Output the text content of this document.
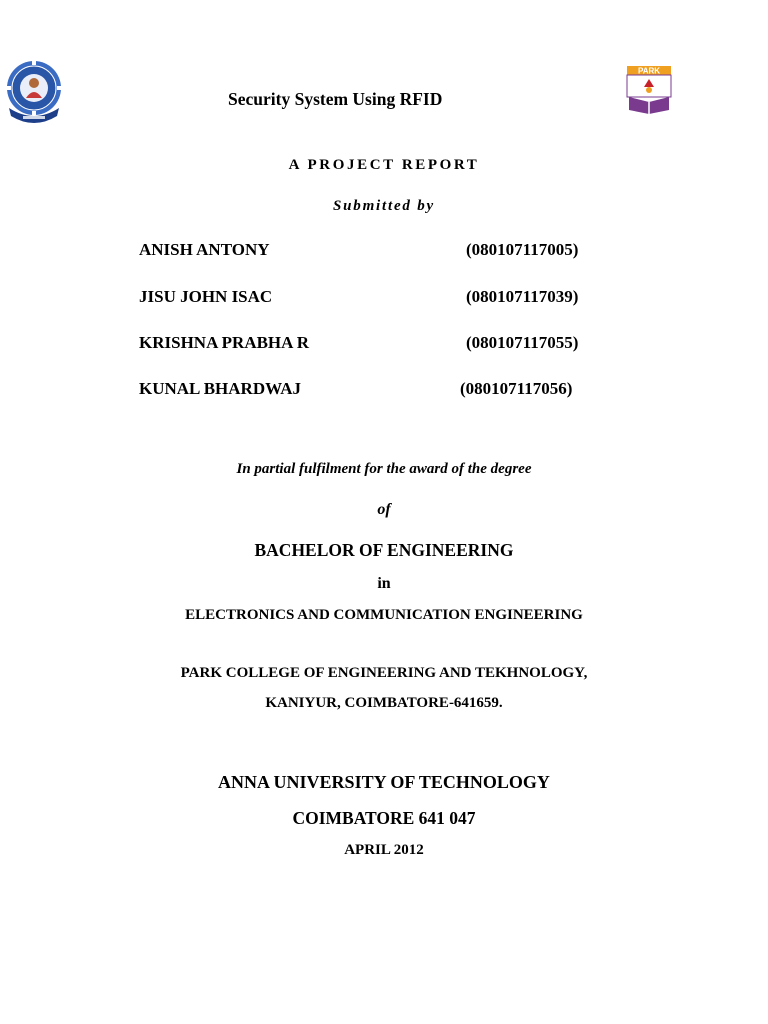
PARK
Security System Using RFID
A PROJECT REPORT
Submitted by
ANISH ANTONY	(080107117005)
JISU JOHN ISAC	(080107117039)
KRISHNA PRABHA R	(080107117055)
KUNAL BHARDWAJ	(080107117056)
In partial fulfilment for the award of the degree
of
BACHELOR OF ENGINEERING
in
ELECTRONICS AND COMMUNICATION ENGINEERING
PARK COLLEGE OF ENGINEERING AND TEKHNOLOGY,
KANIYUR, COIMBATORE-641659.
ANNA UNIVERSITY OF TECHNOLOGY
COIMBATORE 641 047
APRIL 2012
